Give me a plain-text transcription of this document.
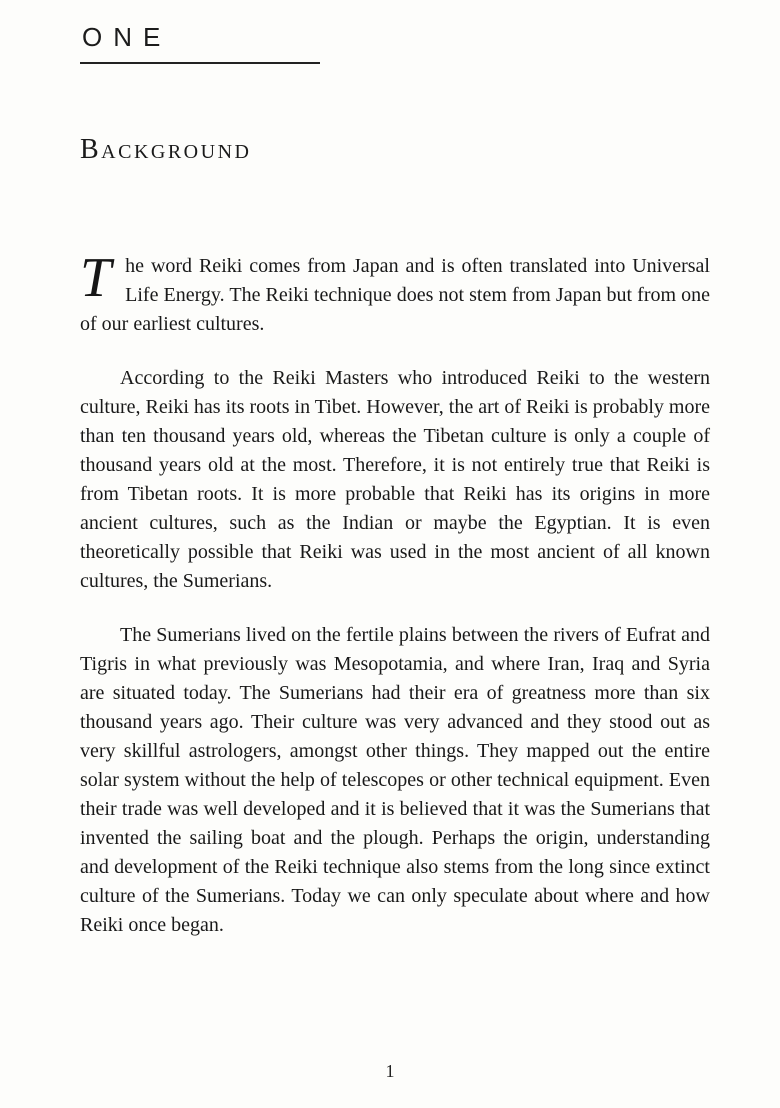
ONE
Background

The word Reiki comes from Japan and is often translated into Universal Life Energy. The Reiki technique does not stem from Japan but from one of our earliest cultures.

According to the Reiki Masters who introduced Reiki to the western culture, Reiki has its roots in Tibet. However, the art of Reiki is probably more than ten thousand years old, whereas the Tibetan culture is only a couple of thousand years old at the most. Therefore, it is not entirely true that Reiki is from Tibetan roots. It is more probable that Reiki has its origins in more ancient cultures, such as the Indian or maybe the Egyptian. It is even theoretically possible that Reiki was used in the most ancient of all known cultures, the Sumerians.

The Sumerians lived on the fertile plains between the rivers of Eufrat and Tigris in what previously was Mesopotamia, and where Iran, Iraq and Syria are situated today. The Sumerians had their era of greatness more than six thousand years ago. Their culture was very advanced and they stood out as very skillful astrologers, amongst other things. They mapped out the entire solar system without the help of telescopes or other technical equipment. Even their trade was well developed and it is believed that it was the Sumerians that invented the sailing boat and the plough. Perhaps the origin, understanding and development of the Reiki technique also stems from the long since extinct culture of the Sumerians. Today we can only speculate about where and how Reiki once began.

1
